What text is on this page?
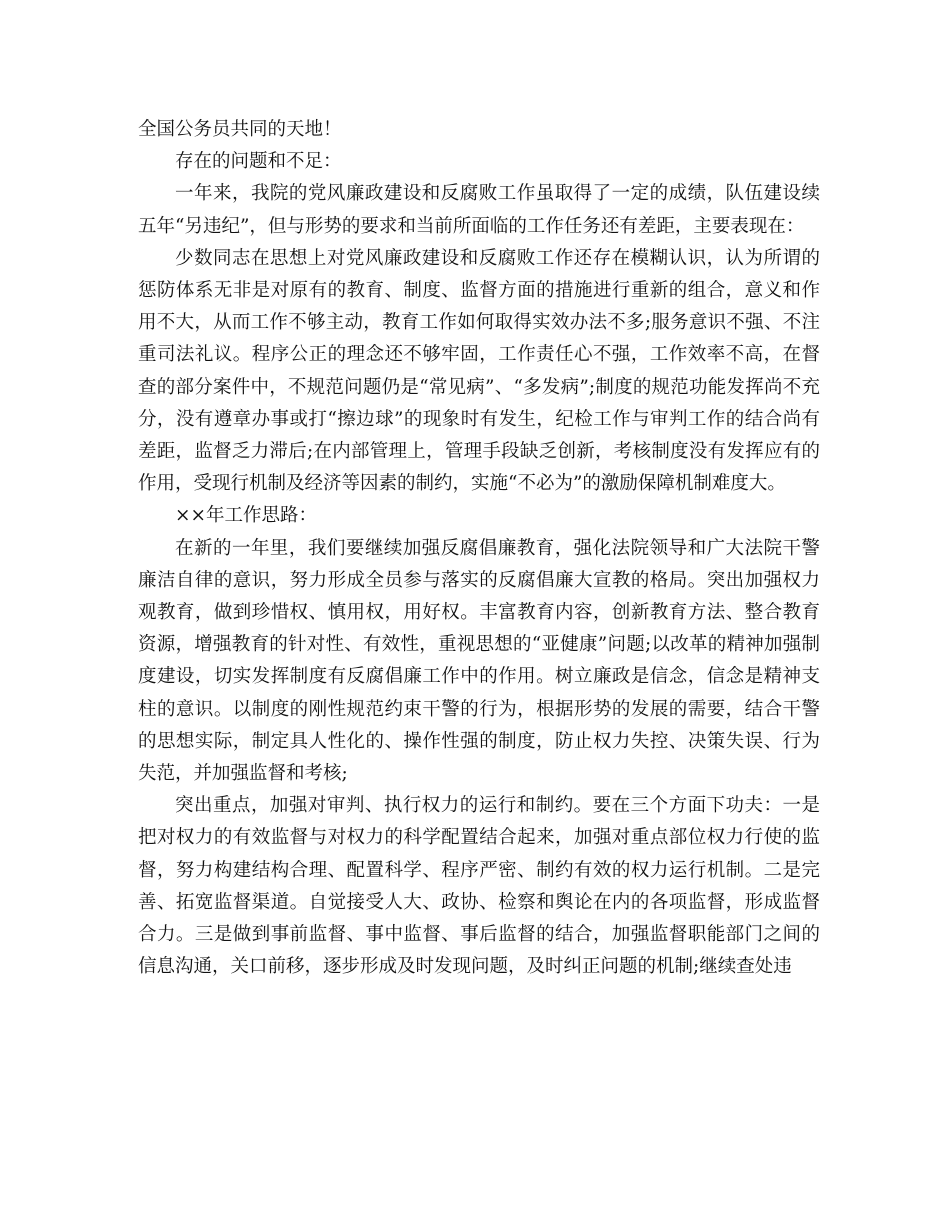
全国公务员共同的天地！

存在的问题和不足：

一年来，我院的党风廉政建设和反腐败工作虽取得了一定的成绩，队伍建设续五年“另违纪”，但与形势的要求和当前所面临的工作任务还有差距，主要表现在：

少数同志在思想上对党风廉政建设和反腐败工作还存在模糊认识，认为所谓的惩防体系无非是对原有的教育、制度、监督方面的措施进行重新的组合，意义和作用不大，从而工作不够主动，教育工作如何取得实效办法不多;服务意识不强、不注重司法礼议。程序公正的理念还不够牢固，工作责任心不强，工作效率不高，在督查的部分案件中，不规范问题仍是“常见病”、“多发病”;制度的规范功能发挥尚不充分，没有遵章办事或打“擦边球”的现象时有发生，纪检工作与审判工作的结合尚有差距，监督乏力滞后;在内部管理上，管理手段缺乏创新，考核制度没有发挥应有的作用，受现行机制及经济等因素的制约，实施“不必为”的激励保障机制难度大。

××年工作思路：

在新的一年里，我们要继续加强反腐倡廉教育，强化法院领导和广大法院干警廉洁自律的意识，努力形成全员参与落实的反腐倡廉大宣教的格局。突出加强权力观教育，做到珍惜权、慎用权，用好权。丰富教育内容，创新教育方法、整合教育资源，增强教育的针对性、有效性，重视思想的“亚健康”问题;以改革的精神加强制度建设，切实发挥制度有反腐倡廉工作中的作用。树立廉政是信念，信念是精神支柱的意识。以制度的刚性规范约束干警的行为，根据形势的发展的需要，结合干警的思想实际，制定具人性化的、操作性强的制度，防止权力失控、决策失误、行为失范，并加强监督和考核;

突出重点，加强对审判、执行权力的运行和制约。要在三个方面下功夫：一是把对权力的有效监督与对权力的科学配置结合起来，加强对重点部位权力行使的监督，努力构建结构合理、配置科学、程序严密、制约有效的权力运行机制。二是完善、拓宽监督渠道。自觉接受人大、政协、检察和舆论在内的各项监督，形成监督合力。三是做到事前监督、事中监督、事后监督的结合，加强监督职能部门之间的信息沟通，关口前移，逐步形成及时发现问题，及时纠正问题的机制;继续查处违
